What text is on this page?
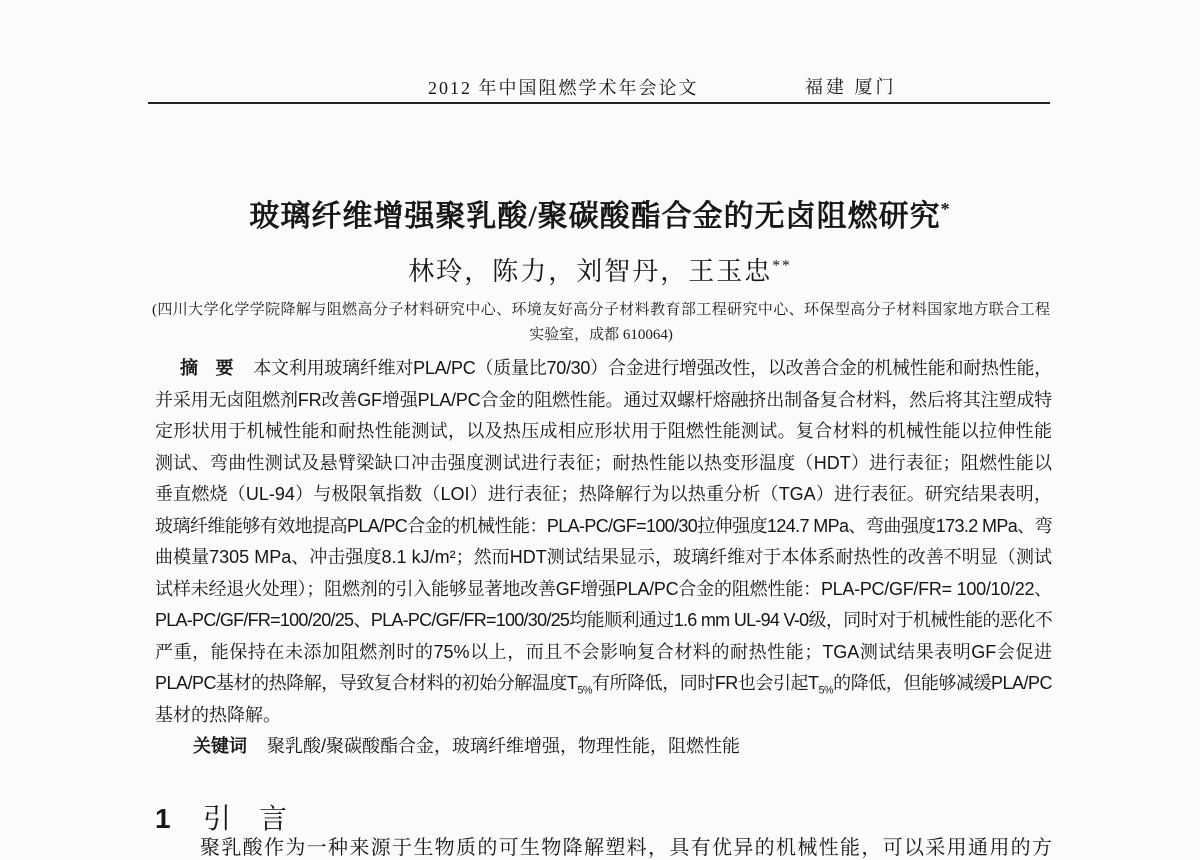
2012 年中国阻燃学术年会论文	福建 厦门
玻璃纤维增强聚乳酸/聚碳酸酯合金的无卤阻燃研究*
林玲，陈力，刘智丹，王玉忠**
(四川大学化学学院降解与阻燃高分子材料研究中心、环境友好高分子材料教育部工程研究中心、环保型高分子材料国家地方联合工程
实验室，成都 610064)
摘　要 本文利用玻璃纤维对PLA/PC（质量比70/30）合金进行增强改性，以改善合金的机械性能和耐热性能，
并采用无卤阻燃剂FR改善GF增强PLA/PC合金的阻燃性能。通过双螺杆熔融挤出制备复合材料，然后将其注塑成特
定形状用于机械性能和耐热性能测试，以及热压成相应形状用于阻燃性能测试。复合材料的机械性能以拉伸性能
测试、弯曲性测试及悬臂梁缺口冲击强度测试进行表征；耐热性能以热变形温度（HDT）进行表征；阻燃性能以
垂直燃烧（UL-94）与极限氧指数（LOI）进行表征；热降解行为以热重分析（TGA）进行表征。研究结果表明，
玻璃纤维能够有效地提高PLA/PC合金的机械性能：PLA-PC/GF=100/30拉伸强度124.7 MPa、弯曲强度173.2 MPa、弯
曲模量7305 MPa、冲击强度8.1 kJ/m²；然而HDT测试结果显示，玻璃纤维对于本体系耐热性的改善不明显（测试
试样未经退火处理）；阻燃剂的引入能够显著地改善GF增强PLA/PC合金的阻燃性能：PLA-PC/GF/FR= 100/10/22、
PLA-PC/GF/FR=100/20/25、PLA-PC/GF/FR=100/30/25均能顺利通过1.6 mm UL-94 V-0级，同时对于机械性能的恶化不
严重，能保持在未添加阻燃剂时的75%以上，而且不会影响复合材料的耐热性能；TGA测试结果表明GF会促进
PLA/PC基材的热降解，导致复合材料的初始分解温度$T_{5\%}$有所降低，同时FR也会引起$T_{5\%}$的降低，但能够减缓PLA/PC
基材的热降解。
关键词 聚乳酸/聚碳酸酯合金，玻璃纤维增强，物理性能，阻燃性能
1 引　言
聚乳酸作为一种来源于生物质的可生物降解塑料，具有优异的机械性能，可以采用通用的方
